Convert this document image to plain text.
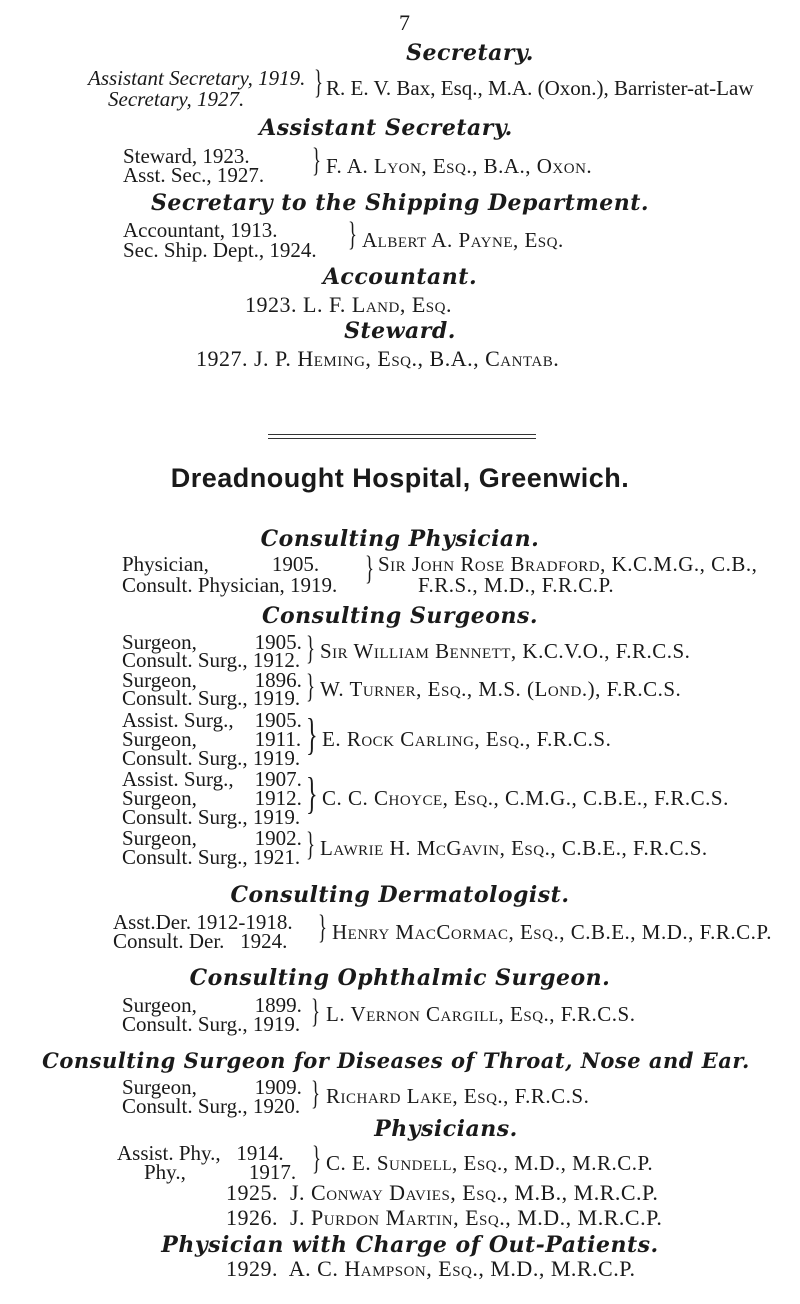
7
Secretary.
Assistant Secretary, 1919.
Secretary, 1927. } R. E. V. Bax, Esq., M.A. (Oxon.), Barrister-at-Law
Assistant Secretary.
Steward, 1923.
Asst. Sec., 1927. } F. A. Lyon, Esq., B.A., Oxon.
Secretary to the Shipping Department.
Accountant, 1913.
Sec. Ship. Dept., 1924. } Albert A. Payne, Esq.
Accountant.
1923. L. F. Land, Esq.
Steward.
1927. J. P. Heming, Esq., B.A., Cantab.
Dreadnought Hospital, Greenwich.
Consulting Physician.
Physician,            1905.
Consult. Physician, 1919. } Sir John Rose Bradford, K.C.M.G., C.B.,
F.R.S., M.D., F.R.C.P.
Consulting Surgeons.
Surgeon,           1905.
Consult. Surg., 1912. } Sir William Bennett, K.C.V.O., F.R.C.S.
Surgeon,           1896.
Consult. Surg., 1919. } W. Turner, Esq., M.S. (Lond.), F.R.C.S.
Assist. Surg.,    1905.
Surgeon,           1911.
Consult. Surg., 1919. } E. Rock Carling, Esq., F.R.C.S.
Assist. Surg.,    1907.
Surgeon,           1912.
Consult. Surg., 1919. } C. C. Choyce, Esq., C.M.G., C.B.E., F.R.C.S.
Surgeon,           1902.
Consult. Surg., 1921. } Lawrie H. McGavin, Esq., C.B.E., F.R.C.S.
Consulting Dermatologist.
Asst.Der. 1912-1918.
Consult. Der.   1924. } Henry MacCormac, Esq., C.B.E., M.D., F.R.C.P.
Consulting Ophthalmic Surgeon.
Surgeon,           1899.
Consult. Surg., 1919. } L. Vernon Cargill, Esq., F.R.C.S.
Consulting Surgeon for Diseases of Throat, Nose and Ear.
Surgeon,           1909.
Consult. Surg., 1920. } Richard Lake, Esq., F.R.C.S.
Physicians.
Assist. Phy.,   1914.
Phy.,            1917. } C. E. Sundell, Esq., M.D., M.R.C.P.
1925.  J. Conway Davies, Esq., M.B., M.R.C.P.
1926.  J. Purdon Martin, Esq., M.D., M.R.C.P.
Physician with Charge of Out-Patients.
1929.  A. C. Hampson, Esq., M.D., M.R.C.P.
